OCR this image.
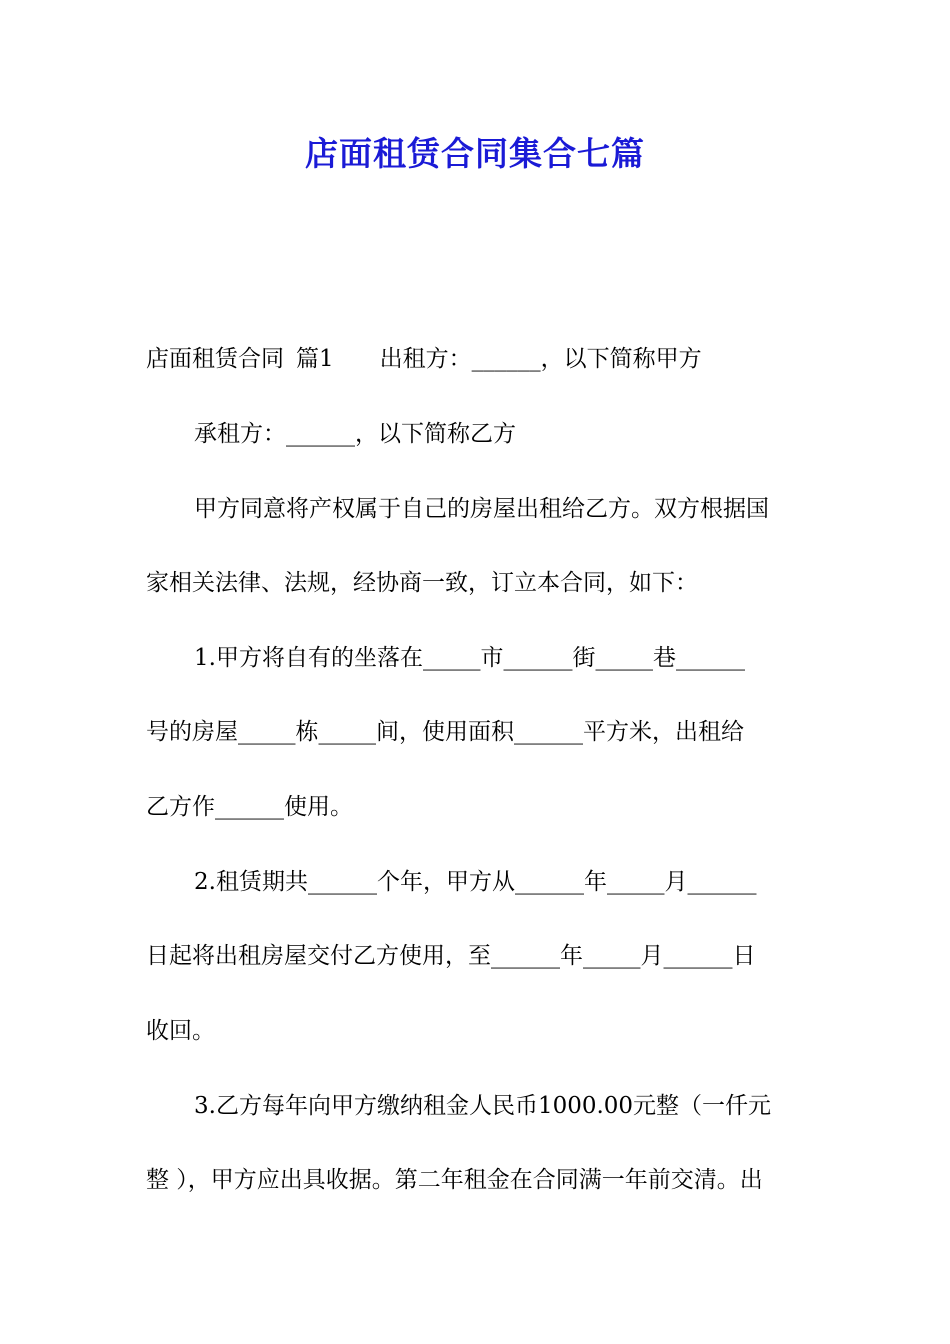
店面租赁合同集合七篇

店面租赁合同 篇1 出租方：______，以下简称甲方

承租方：______，以下简称乙方

甲方同意将产权属于自己的房屋出租给乙方。双方根据国

家相关法律、法规，经协商一致，订立本合同，如下：

1.甲方将自有的坐落在_____市______街_____巷______

号的房屋_____栋_____间，使用面积______平方米，出租给

乙方作______使用。

2.租赁期共______个年，甲方从______年_____月______

日起将出租房屋交付乙方使用，至______年_____月______日

收回。

3.乙方每年向甲方缴纳租金人民币1000.00元整（一仟元

整 ），甲方应出具收据。第二年租金在合同满一年前交清。出
